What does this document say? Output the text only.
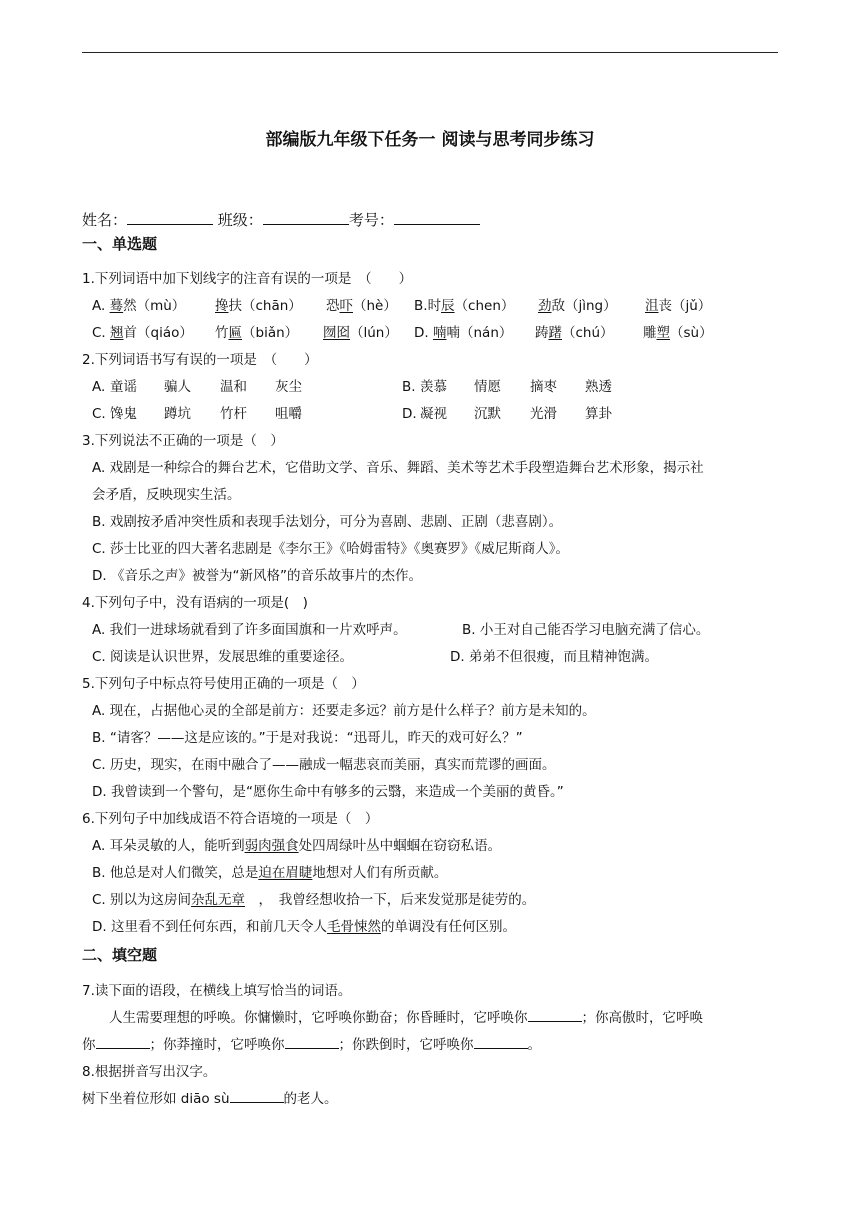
部编版九年级下任务一 阅读与思考同步练习
姓名：	班级：	考号：
一、单选题
1.下列词语中加下划线字的注音有误的一项是　（　　）
A. 蓦然（mù） 搀扶（chān） 恐吓（hè） B.时辰（chen） 劲敌（jìng） 沮丧（jǔ）
C. 翘首（qiáo） 竹匾（biǎn） 囫囵（lún） D. 喃喃（nán） 踌躇（chú） 雕塑（sù）
2.下列词语书写有误的一项是　（　　）
A. 童谣 骗人 温和 灰尘	B. 羡慕 情愿 摘枣 熟透
C. 馋鬼 蹲坑 竹杆 咀嚼	D. 凝视 沉默 光滑 算卦
3.下列说法不正确的一项是（　）
A. 戏剧是一种综合的舞台艺术，它借助文学、音乐、舞蹈、美术等艺术手段塑造舞台艺术形象，揭示社
会矛盾，反映现实生活。
B. 戏剧按矛盾冲突性质和表现手法划分，可分为喜剧、悲剧、正剧（悲喜剧）。
C. 莎士比亚的四大著名悲剧是《李尔王》《哈姆雷特》《奥赛罗》《威尼斯商人》。
D. 《音乐之声》被誉为“新风格”的音乐故事片的杰作。
4.下列句子中，没有语病的一项是(　)
A. 我们一进球场就看到了许多面国旗和一片欢呼声。	B. 小王对自己能否学习电脑充满了信心。
C. 阅读是认识世界，发展思维的重要途径。	D. 弟弟不但很瘦，而且精神饱满。
5.下列句子中标点符号使用正确的一项是（　）
A. 现在，占据他心灵的全部是前方：还要走多远？前方是什么样子？前方是未知的。
B. “请客？——这是应该的。”于是对我说：“迅哥儿，昨天的戏可好么？”
C. 历史，现实，在雨中融合了——融成一幅悲哀而美丽，真实而荒谬的画面。
D. 我曾读到一个警句，是“愿你生命中有够多的云翳，来造成一个美丽的黄昏。”
6.下列句子中加线成语不符合语境的一项是（　）
A. 耳朵灵敏的人，能听到弱肉强食处四周绿叶丛中蝈蝈在窃窃私语。
B. 他总是对人们微笑，总是迫在眉睫地想对人们有所贡献。
C. 别以为这房间杂乱无章　，　我曾经想收拾一下，后来发觉那是徒劳的。
D. 这里看不到任何东西，和前几天令人毛骨悚然的单调没有任何区别。
二、填空题
7.读下面的语段，在横线上填写恰当的词语。
　　人生需要理想的呼唤。你慵懒时，它呼唤你勤奋；你昏睡时，它呼唤你	；你高傲时，它呼唤
你	；你莽撞时，它呼唤你	；你跌倒时，它呼唤你	。
8.根据拼音写出汉字。
树下坐着位形如 diāo sù	的老人。
